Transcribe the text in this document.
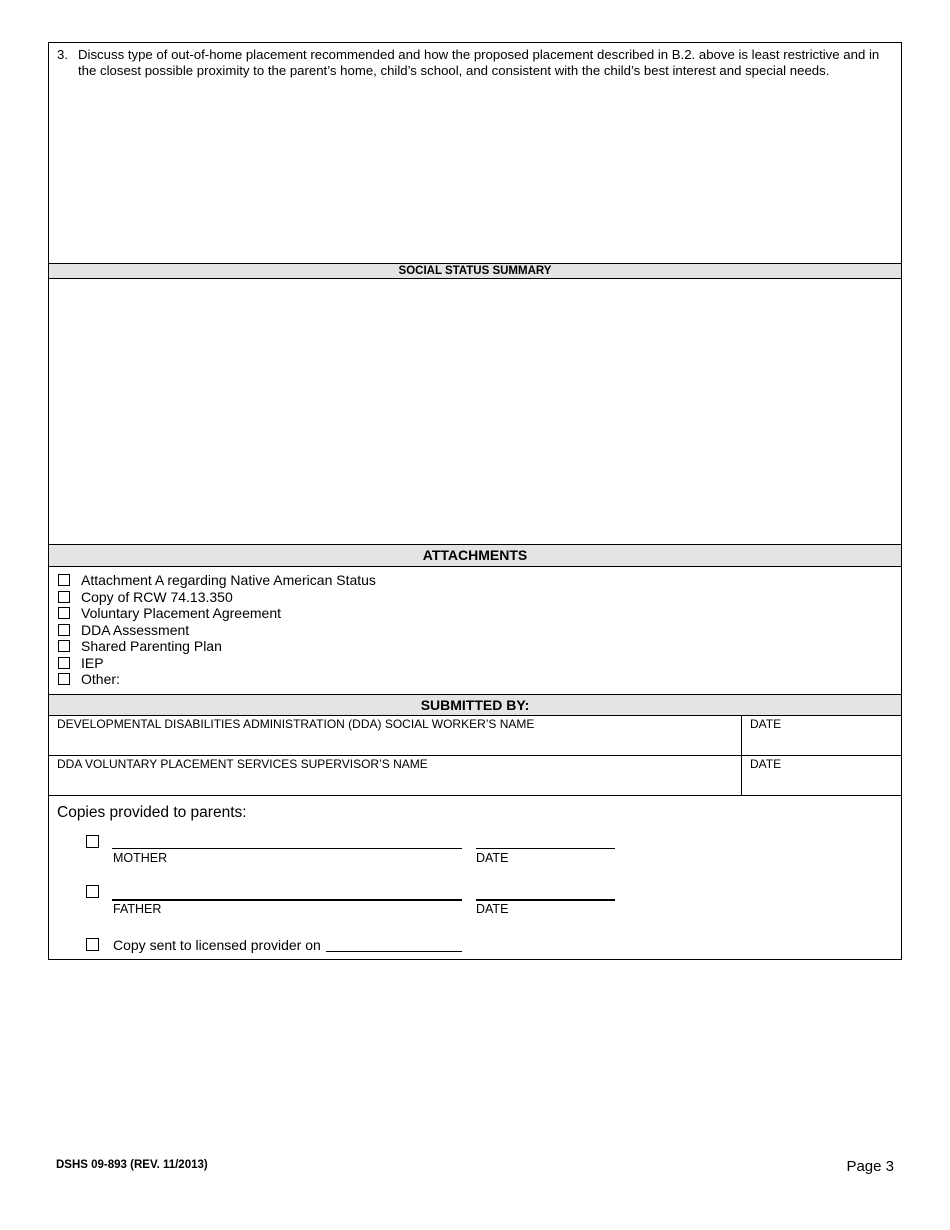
3. Discuss type of out-of-home placement recommended and how the proposed placement described in B.2. above is least restrictive and in the closest possible proximity to the parent’s home, child’s school, and consistent with the child’s best interest and special needs.
SOCIAL STATUS SUMMARY
ATTACHMENTS
Attachment A regarding Native American Status
Copy of RCW 74.13.350
Voluntary Placement Agreement
DDA Assessment
Shared Parenting Plan
IEP
Other:
SUBMITTED BY:
DEVELOPMENTAL DISABILITIES ADMINISTRATION (DDA) SOCIAL WORKER’S NAME	DATE
DDA VOLUNTARY PLACEMENT SERVICES SUPERVISOR’S NAME	DATE
Copies provided to parents:
MOTHER	DATE
FATHER	DATE
Copy sent to licensed provider on
DSHS 09-893 (REV. 11/2013)	Page 3
